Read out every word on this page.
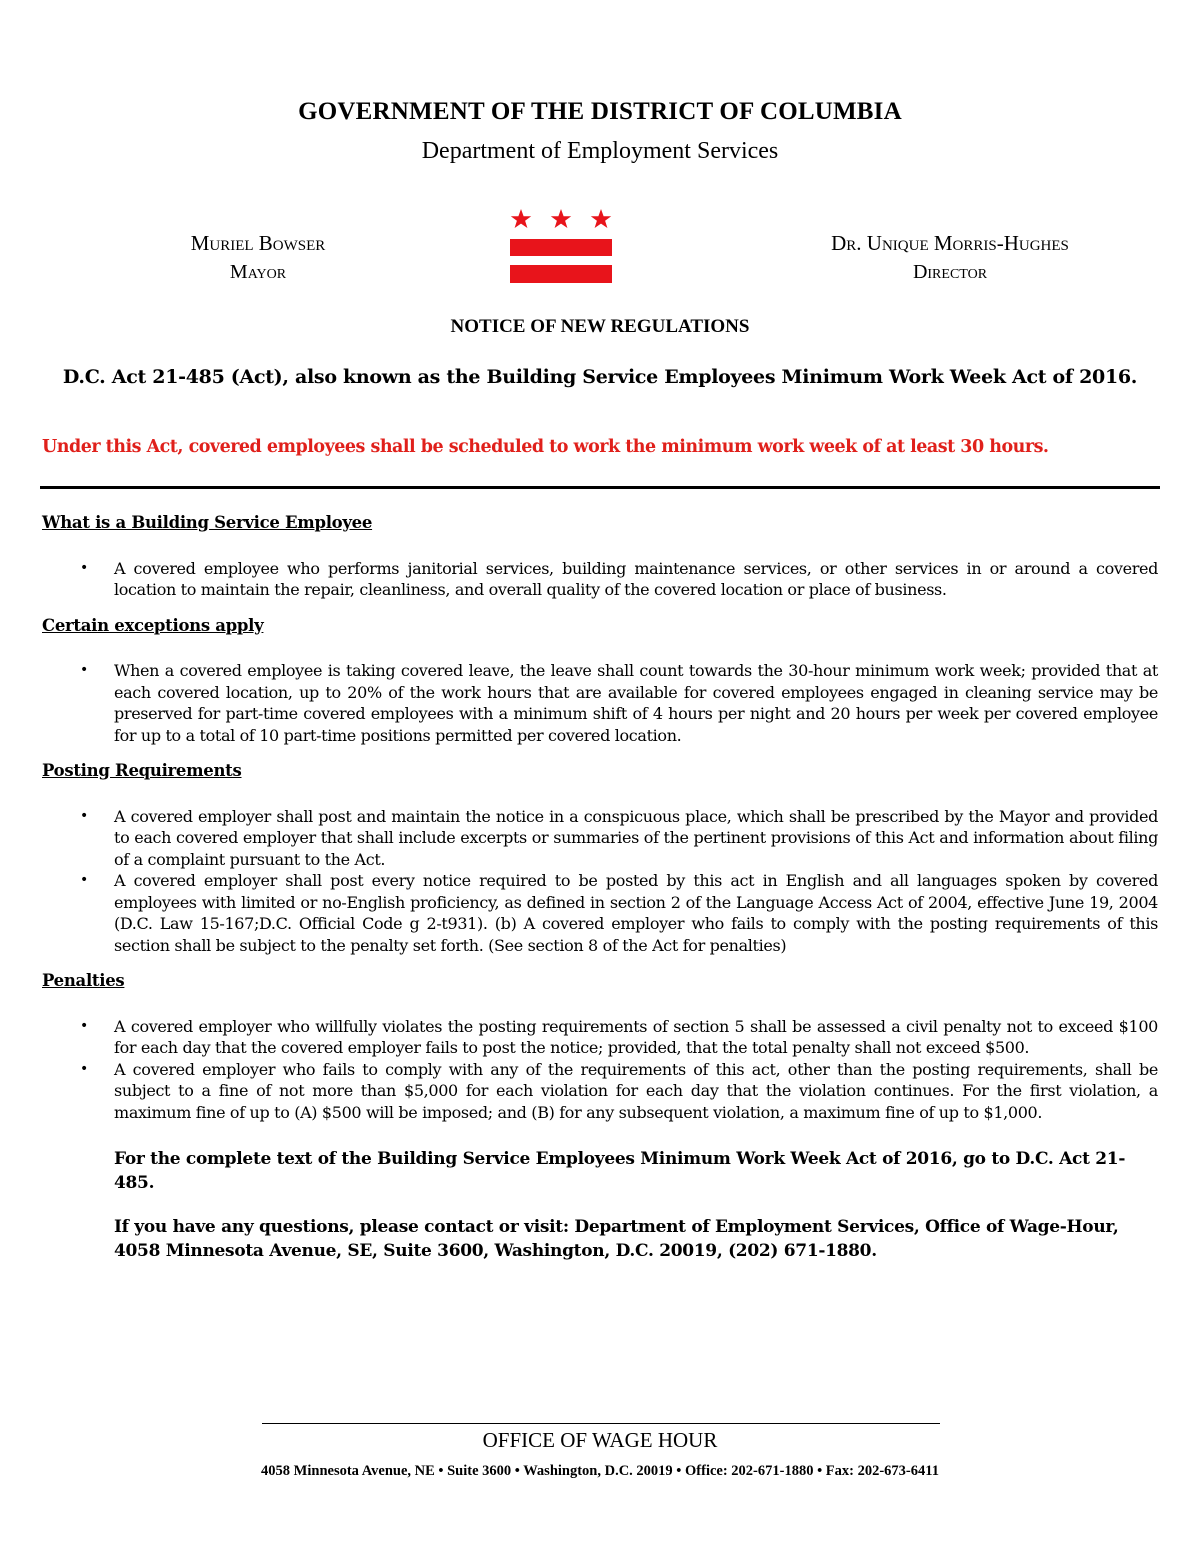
GOVERNMENT OF THE DISTRICT OF COLUMBIA
Department of Employment Services
Muriel Bowser
Mayor
Dr. Unique Morris-Hughes
Director
NOTICE OF NEW REGULATIONS
D.C. Act 21-485 (Act), also known as the Building Service Employees Minimum Work Week Act of 2016.
Under this Act, covered employees shall be scheduled to work the minimum work week of at least 30 hours.
What is a Building Service Employee
• A covered employee who performs janitorial services, building maintenance services, or other services in or around a covered location to maintain the repair, cleanliness, and overall quality of the covered location or place of business.
Certain exceptions apply
• When a covered employee is taking covered leave, the leave shall count towards the 30-hour minimum work week; provided that at each covered location, up to 20% of the work hours that are available for covered employees engaged in cleaning service may be preserved for part-time covered employees with a minimum shift of 4 hours per night and 20 hours per week per covered employee for up to a total of 10 part-time positions permitted per covered location.
Posting Requirements
• A covered employer shall post and maintain the notice in a conspicuous place, which shall be prescribed by the Mayor and provided to each covered employer that shall include excerpts or summaries of the pertinent provisions of this Act and information about filing of a complaint pursuant to the Act.
• A covered employer shall post every notice required to be posted by this act in English and all languages spoken by covered employees with limited or no-English proficiency, as defined in section 2 of the Language Access Act of 2004, effective June 19, 2004 (D.C. Law 15-167;D.C. Official Code g 2-t931). (b) A covered employer who fails to comply with the posting requirements of this section shall be subject to the penalty set forth. (See section 8 of the Act for penalties)
Penalties
• A covered employer who willfully violates the posting requirements of section 5 shall be assessed a civil penalty not to exceed $100 for each day that the covered employer fails to post the notice; provided, that the total penalty shall not exceed $500.
• A covered employer who fails to comply with any of the requirements of this act, other than the posting requirements, shall be subject to a fine of not more than $5,000 for each violation for each day that the violation continues. For the first violation, a maximum fine of up to (A) $500 will be imposed; and (B) for any subsequent violation, a maximum fine of up to $1,000.

For the complete text of the Building Service Employees Minimum Work Week Act of 2016, go to D.C. Act 21-485.

If you have any questions, please contact or visit: Department of Employment Services, Office of Wage-Hour, 4058 Minnesota Avenue, SE, Suite 3600, Washington, D.C. 20019, (202) 671-1880.

OFFICE OF WAGE HOUR
4058 Minnesota Avenue, NE • Suite 3600 • Washington, D.C. 20019 • Office: 202-671-1880 • Fax: 202-673-6411
